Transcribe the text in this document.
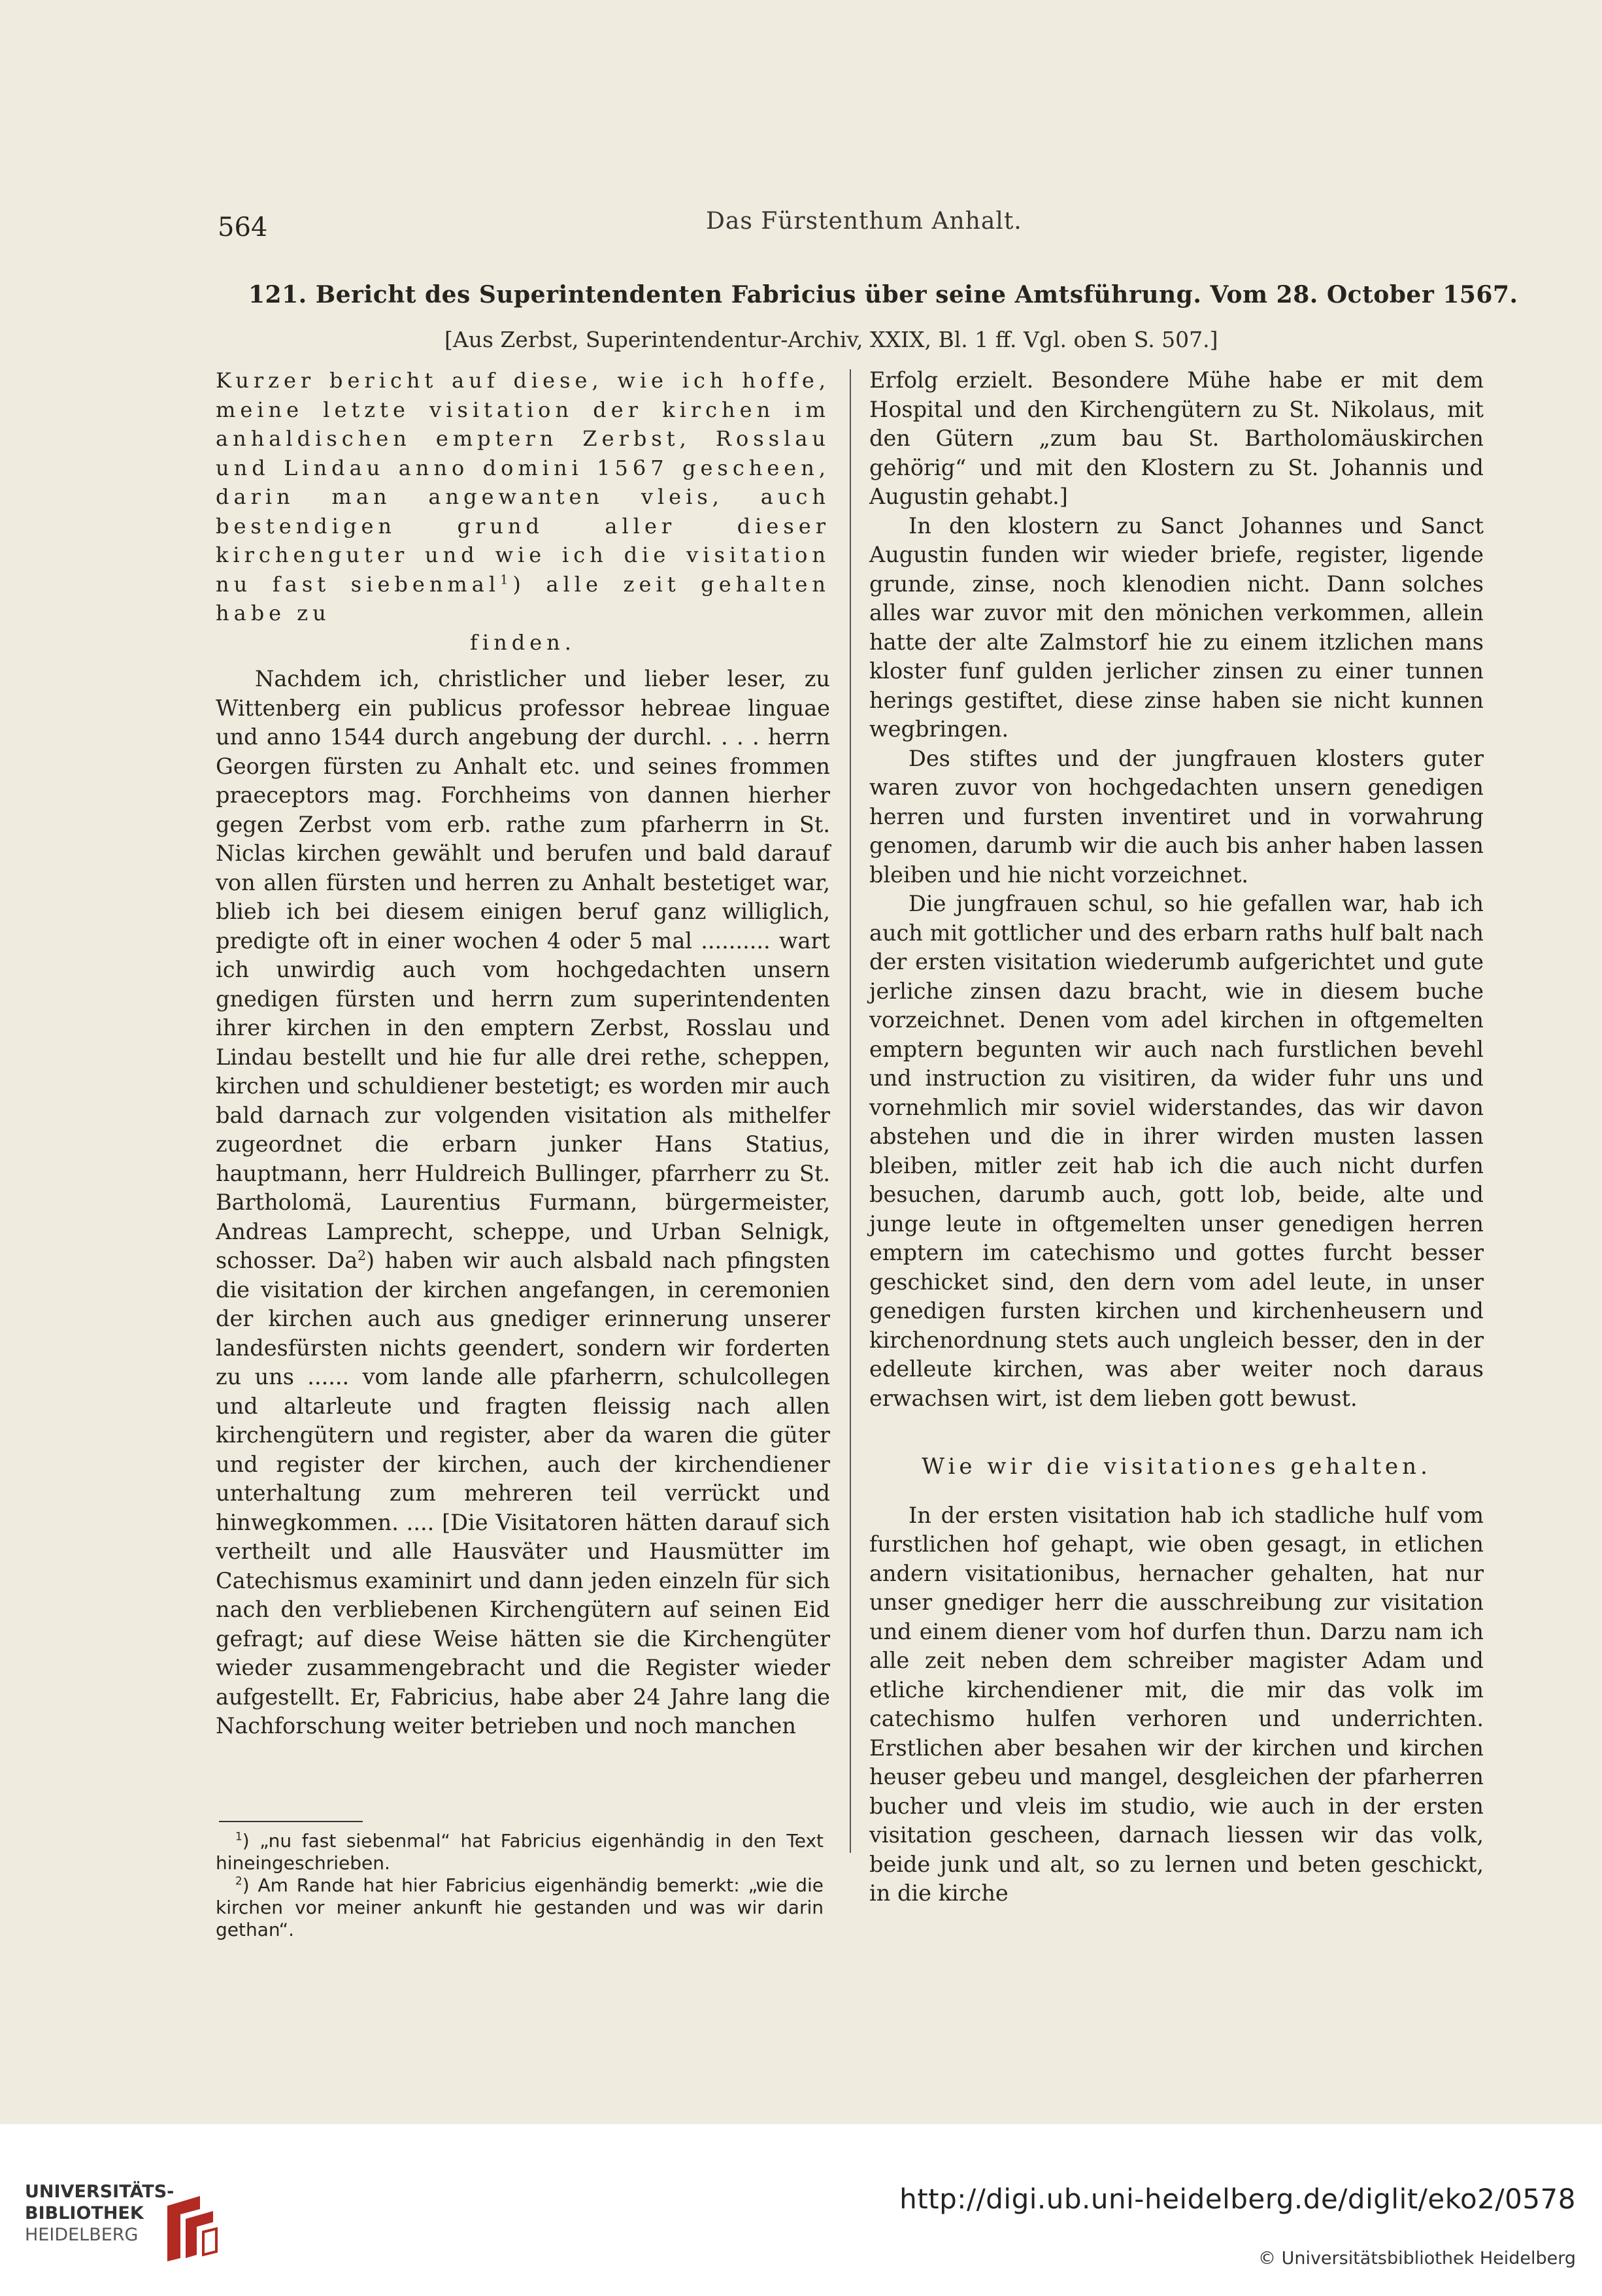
564	Das Fürstenthum Anhalt.
121. Bericht des Superintendenten Fabricius über seine Amtsführung. Vom 28. October 1567.
[Aus Zerbst, Superintendentur-Archiv, XXIX, Bl. 1 ff. Vgl. oben S. 507.]

Kurzer bericht auf diese, wie ich hoffe, meine letzte visitation der kirchen im anhaldischen emptern Zerbst, Rosslau und Lindau anno domini 1567 gescheen, darin man angewanten vleis, auch bestendigen grund aller dieser kirchenguter und wie ich die visitation nu fast siebenmal$^1$) alle zeit gehalten habe zu

finden.

Nachdem ich, christlicher und lieber leser, zu Wittenberg ein publicus professor hebreae linguae und anno 1544 durch angebung der durchl. . . . herrn Georgen fürsten zu Anhalt etc. und seines frommen praeceptors mag. Forchheims von dannen hierher gegen Zerbst vom erb. rathe zum pfarherrn in St. Niclas kirchen gewählt und berufen und bald darauf von allen fürsten und herren zu Anhalt bestetiget war, blieb ich bei diesem einigen beruf ganz williglich, predigte oft in einer wochen 4 oder 5 mal .......... wart ich unwirdig auch vom hochgedachten unsern gnedigen fürsten und herrn zum superintendenten ihrer kirchen in den emptern Zerbst, Rosslau und Lindau bestellt und hie fur alle drei rethe, scheppen, kirchen und schuldiener bestetigt; es worden mir auch bald darnach zur volgenden visitation als mithelfer zugeordnet die erbarn junker Hans Statius, hauptmann, herr Huldreich Bullinger, pfarrherr zu St. Bartholomä, Laurentius Furmann, bürgermeister, Andreas Lamprecht, scheppe, und Urban Selnigk, schosser. Da$^2$) haben wir auch alsbald nach pfingsten die visitation der kirchen angefangen, in ceremonien der kirchen auch aus gnediger erinnerung unserer landesfürsten nichts geendert, sondern wir forderten zu uns ...... vom lande alle pfarherrn, schulcollegen und altarleute und fragten fleissig nach allen kirchengütern und register, aber da waren die güter und register der kirchen, auch der kirchendiener unterhaltung zum mehreren teil verrückt und hinwegkommen. .... [Die Visitatoren hätten darauf sich vertheilt und alle Hausväter und Hausmütter im Catechismus examinirt und dann jeden einzeln für sich nach den verbliebenen Kirchengütern auf seinen Eid gefragt; auf diese Weise hätten sie die Kirchengüter wieder zusammengebracht und die Register wieder aufgestellt. Er, Fabricius, habe aber 24 Jahre lang die Nachforschung weiter betrieben und noch manchen

$^1$) „nu fast siebenmal“ hat Fabricius eigenhändig in den Text hineingeschrieben.

$^2$) Am Rande hat hier Fabricius eigenhändig bemerkt: „wie die kirchen vor meiner ankunft hie gestanden und was wir darin gethan“.

Erfolg erzielt. Besondere Mühe habe er mit dem Hospital und den Kirchengütern zu St. Nikolaus, mit den Gütern „zum bau St. Bartholomäuskirchen gehörig“ und mit den Klostern zu St. Johannis und Augustin gehabt.]

In den klostern zu Sanct Johannes und Sanct Augustin funden wir wieder briefe, register, ligende grunde, zinse, noch klenodien nicht. Dann solches alles war zuvor mit den mönichen verkommen, allein hatte der alte Zalmstorf hie zu einem itzlichen mans kloster funf gulden jerlicher zinsen zu einer tunnen herings gestiftet, diese zinse haben sie nicht kunnen wegbringen.

Des stiftes und der jungfrauen klosters guter waren zuvor von hochgedachten unsern genedigen herren und fursten inventiret und in vorwahrung genomen, darumb wir die auch bis anher haben lassen bleiben und hie nicht vorzeichnet.

Die jungfrauen schul, so hie gefallen war, hab ich auch mit gottlicher und des erbarn raths hulf balt nach der ersten visitation wiederumb aufgerichtet und gute jerliche zinsen dazu bracht, wie in diesem buche vorzeichnet. Denen vom adel kirchen in oftgemelten emptern begunten wir auch nach furstlichen bevehl und instruction zu visitiren, da wider fuhr uns und vornehmlich mir soviel widerstandes, das wir davon abstehen und die in ihrer wirden musten lassen bleiben, mitler zeit hab ich die auch nicht durfen besuchen, darumb auch, gott lob, beide, alte und junge leute in oftgemelten unser genedigen herren emptern im catechismo und gottes furcht besser geschicket sind, den dern vom adel leute, in unser genedigen fursten kirchen und kirchenheusern und kirchenordnung stets auch ungleich besser, den in der edelleute kirchen, was aber weiter noch daraus erwachsen wirt, ist dem lieben gott bewust.

Wie wir die visitationes gehalten.

In der ersten visitation hab ich stadliche hulf vom furstlichen hof gehapt, wie oben gesagt, in etlichen andern visitationibus, hernacher gehalten, hat nur unser gnediger herr die ausschreibung zur visitation und einem diener vom hof durfen thun. Darzu nam ich alle zeit neben dem schreiber magister Adam und etliche kirchendiener mit, die mir das volk im catechismo hulfen verhoren und underrichten. Erstlichen aber besahen wir der kirchen und kirchen heuser gebeu und mangel, desgleichen der pfarherren bucher und vleis im studio, wie auch in der ersten visitation gescheen, darnach liessen wir das volk, beide junk und alt, so zu lernen und beten geschickt, in die kirche

UNIVERSITÄTS-
BIBLIOTHEK
HEIDELBERG
http://digi.ub.uni-heidelberg.de/diglit/eko2/0578
© Universitätsbibliothek Heidelberg
